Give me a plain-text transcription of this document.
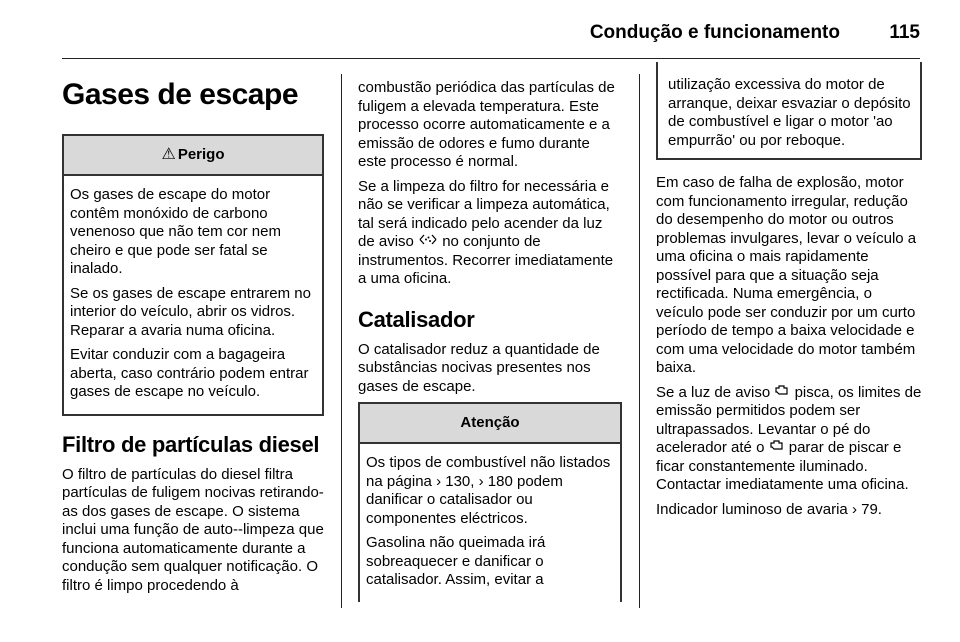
Condução e funcionamento	115
Gases de escape
⚠ Perigo

Os gases de escape do motor contêm monóxido de carbono venenoso que não tem cor nem cheiro e que pode ser fatal se inalado.

Se os gases de escape entrarem no interior do veículo, abrir os vidros. Reparar a avaria numa oficina.

Evitar conduzir com a bagageira aberta, caso contrário podem entrar gases de escape no veículo.

Filtro de partículas diesel

O filtro de partículas do diesel filtra partículas de fuligem nocivas retirando-as dos gases de escape. O sistema inclui uma função de auto--limpeza que funciona automaticamente durante a condução sem qualquer notificação. O filtro é limpo procedendo à

combustão periódica das partículas de fuligem a elevada temperatura. Este processo ocorre automaticamente e a emissão de odores e fumo durante este processo é normal.

Se a limpeza do filtro for necessária e não se verificar a limpeza automática, tal será indicado pelo acender da luz de aviso no conjunto de instrumentos. Recorrer imediatamente a uma oficina.

Catalisador

O catalisador reduz a quantidade de substâncias nocivas presentes nos gases de escape.

Atenção

Os tipos de combustível não listados na página › 130, › 180 podem danificar o catalisador ou componentes eléctricos.

Gasolina não queimada irá sobreaquecer e danificar o catalisador. Assim, evitar a

utilização excessiva do motor de arranque, deixar esvaziar o depósito de combustível e ligar o motor 'ao empurrão' ou por reboque.

Em caso de falha de explosão, motor com funcionamento irregular, redução do desempenho do motor ou outros problemas invulgares, levar o veículo a uma oficina o mais rapidamente possível para que a situação seja rectificada. Numa emergência, o veículo pode ser conduzir por um curto período de tempo a baixa velocidade e com uma velocidade do motor também baixa.

Se a luz de aviso pisca, os limites de emissão permitidos podem ser ultrapassados. Levantar o pé do acelerador até o parar de piscar e ficar constantemente iluminado. Contactar imediatamente uma oficina.

Indicador luminoso de avaria › 79.
